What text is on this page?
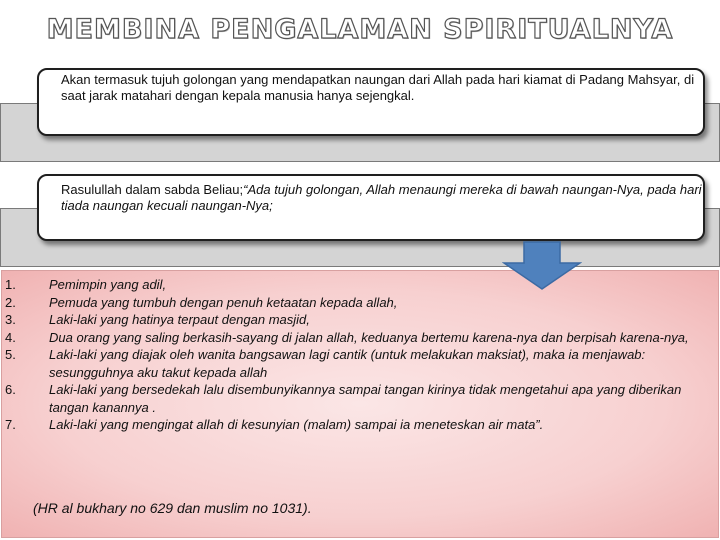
MEMBINA PENGALAMAN SPIRITUALNYA
Akan termasuk tujuh golongan yang mendapatkan naungan dari Allah pada hari kiamat di Padang Mahsyar, di saat jarak matahari dengan kepala manusia hanya sejengkal.
Rasulullah dalam sabda Beliau;“Ada tujuh golongan, Allah menaungi mereka di bawah naungan-Nya, pada hari tiada naungan kecuali naungan-Nya;
1.	Pemimpin yang adil,
2.	Pemuda yang tumbuh dengan penuh ketaatan kepada allah,
3.	Laki-laki yang hatinya terpaut dengan masjid,
4.	Dua orang yang saling berkasih-sayang di jalan allah, keduanya bertemu karena-nya dan berpisah karena-nya,
5.	Laki-laki yang diajak oleh wanita bangsawan lagi cantik (untuk melakukan maksiat), maka ia menjawab: sesungguhnya aku takut kepada allah
6.	Laki-laki yang bersedekah lalu disembunyikannya sampai tangan kirinya tidak mengetahui apa yang diberikan tangan kanannya .
7.	Laki-laki yang mengingat allah di kesunyian (malam) sampai ia meneteskan air mata”.
(HR al bukhary no 629 dan muslim no 1031).
